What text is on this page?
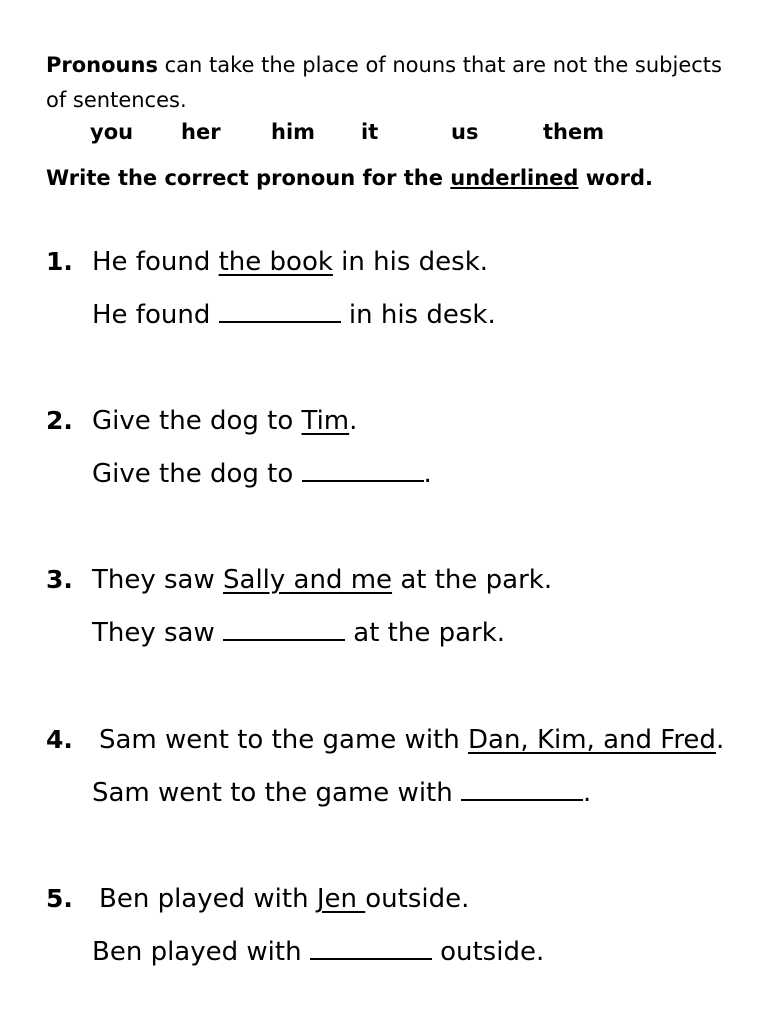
Pronouns can take the place of nouns that are not the subjects of sentences.
you her him it	us	them
Write the correct pronoun for the underlined word.
1. He found the book in his desk.
He found	in his desk.
2. Give the dog to Tim.
Give the dog to	.
3. They saw Sally and me at the park.
They saw	at the park.
4. Sam went to the game with Dan, Kim, and Fred.
Sam went to the game with	.
5. Ben played with Jen outside.
Ben played with	outside.
